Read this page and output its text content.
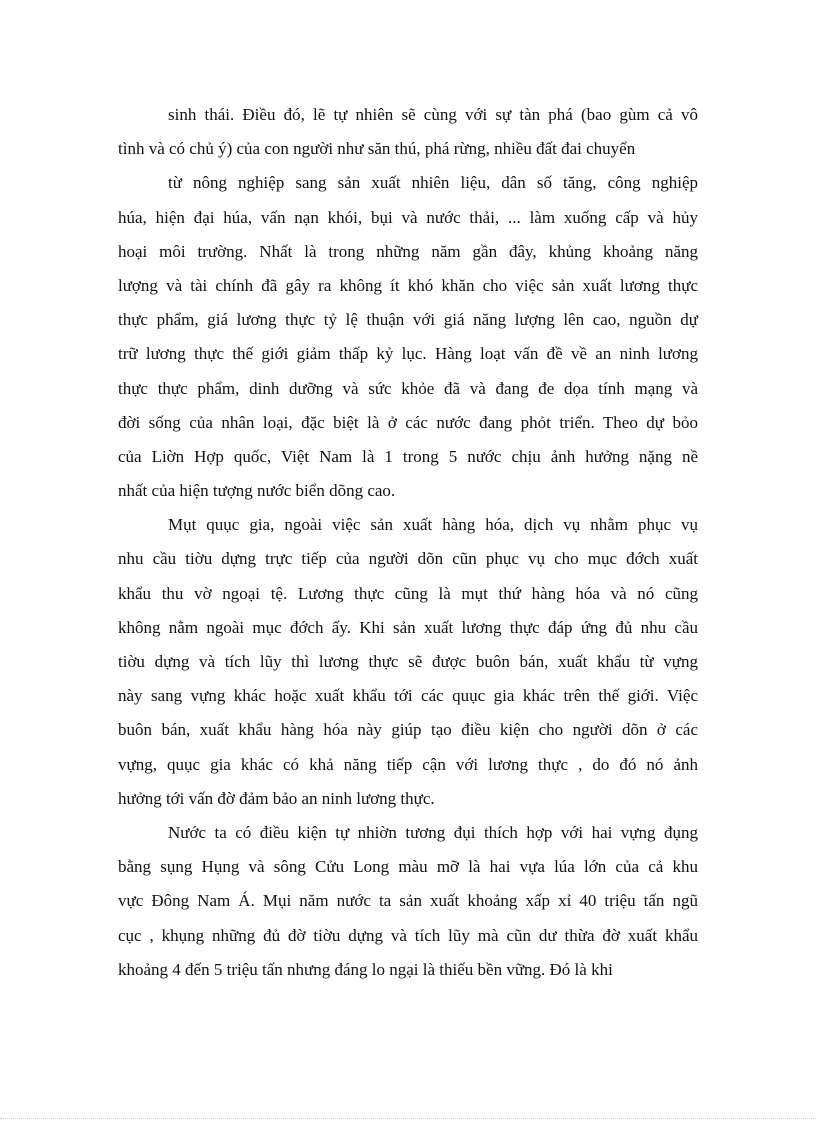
sinh thái. Điều đó, lẽ tự nhiên sẽ cùng với sự tàn phá (bao gùm cả vô
tình và có chủ ý) của con người như săn thú, phá rừng, nhiều đất đai chuyển
từ nông nghiệp sang sản xuất nhiên liệu, dân số tăng, công nghiệp
húa, hiện đại húa, vấn nạn khói, bụi và nước thải, ... làm xuống cấp và hủy
hoại môi trường. Nhất là trong những năm gần đây, khủng khoảng năng
lượng và tài chính đã gây ra không ít khó khăn cho việc sản xuất lương thực
thực phẩm, giá lương thực tỷ lệ thuận với giá năng lượng lên cao, nguồn dự
trữ lương thực thế giới giảm thấp kỷ lục. Hàng loạt vấn đề về an ninh lương
thực thực phẩm, dinh dưỡng và sức khỏe đã và đang đe dọa tính mạng và
đời sống của nhân loại, đặc biệt là ở các nước đang phỏt triển. Theo dự bỏo
của Liờn Hợp quốc, Việt Nam là 1 trong 5 nước chịu ảnh hưởng nặng nề
nhất của hiện tượng nước biển dõng cao.
Mụt quục gia, ngoài việc sản xuất hàng hóa, dịch vụ nhằm phục vụ
nhu cầu tiờu dựng trực tiếp của người dõn cũn phục vụ cho mục đớch xuất
khẩu thu vờ ngoại tệ. Lương thực cũng là mụt thứ hàng hóa và nó cũng
không nằm ngoài mục đớch ấy. Khi sản xuất lương thực đáp ứng đủ nhu cầu
tiờu dựng và tích lũy thì lương thực sẽ được buôn bán, xuất khẩu từ vựng
này sang vựng khác hoặc xuất khẩu tới các quục gia khác trên thế giới. Việc
buôn bán, xuất khẩu hàng hóa này giúp tạo điều kiện cho người dõn ở các
vựng, quục gia khác có khả năng tiếp cận với lương thực , do đó nó ảnh
hưởng tới vấn đờ đảm bảo an ninh lương thực.
Nước ta có điều kiện tự nhiờn tương đụi thích hợp với hai vựng đụng
bằng sụng Hụng và sông Cửu Long màu mỡ là hai vựa lúa lớn của cả khu
vực Đông Nam Á. Mụi năm nước ta sản xuất khoảng xấp xỉ 40 triệu tấn ngũ
cục , khụng những đủ đờ tiờu dựng và tích lũy mà cũn dư thừa đờ xuất khẩu
khoảng 4 đến 5 triệu tấn nhưng đáng lo ngại là thiếu bền vững. Đó là khi
